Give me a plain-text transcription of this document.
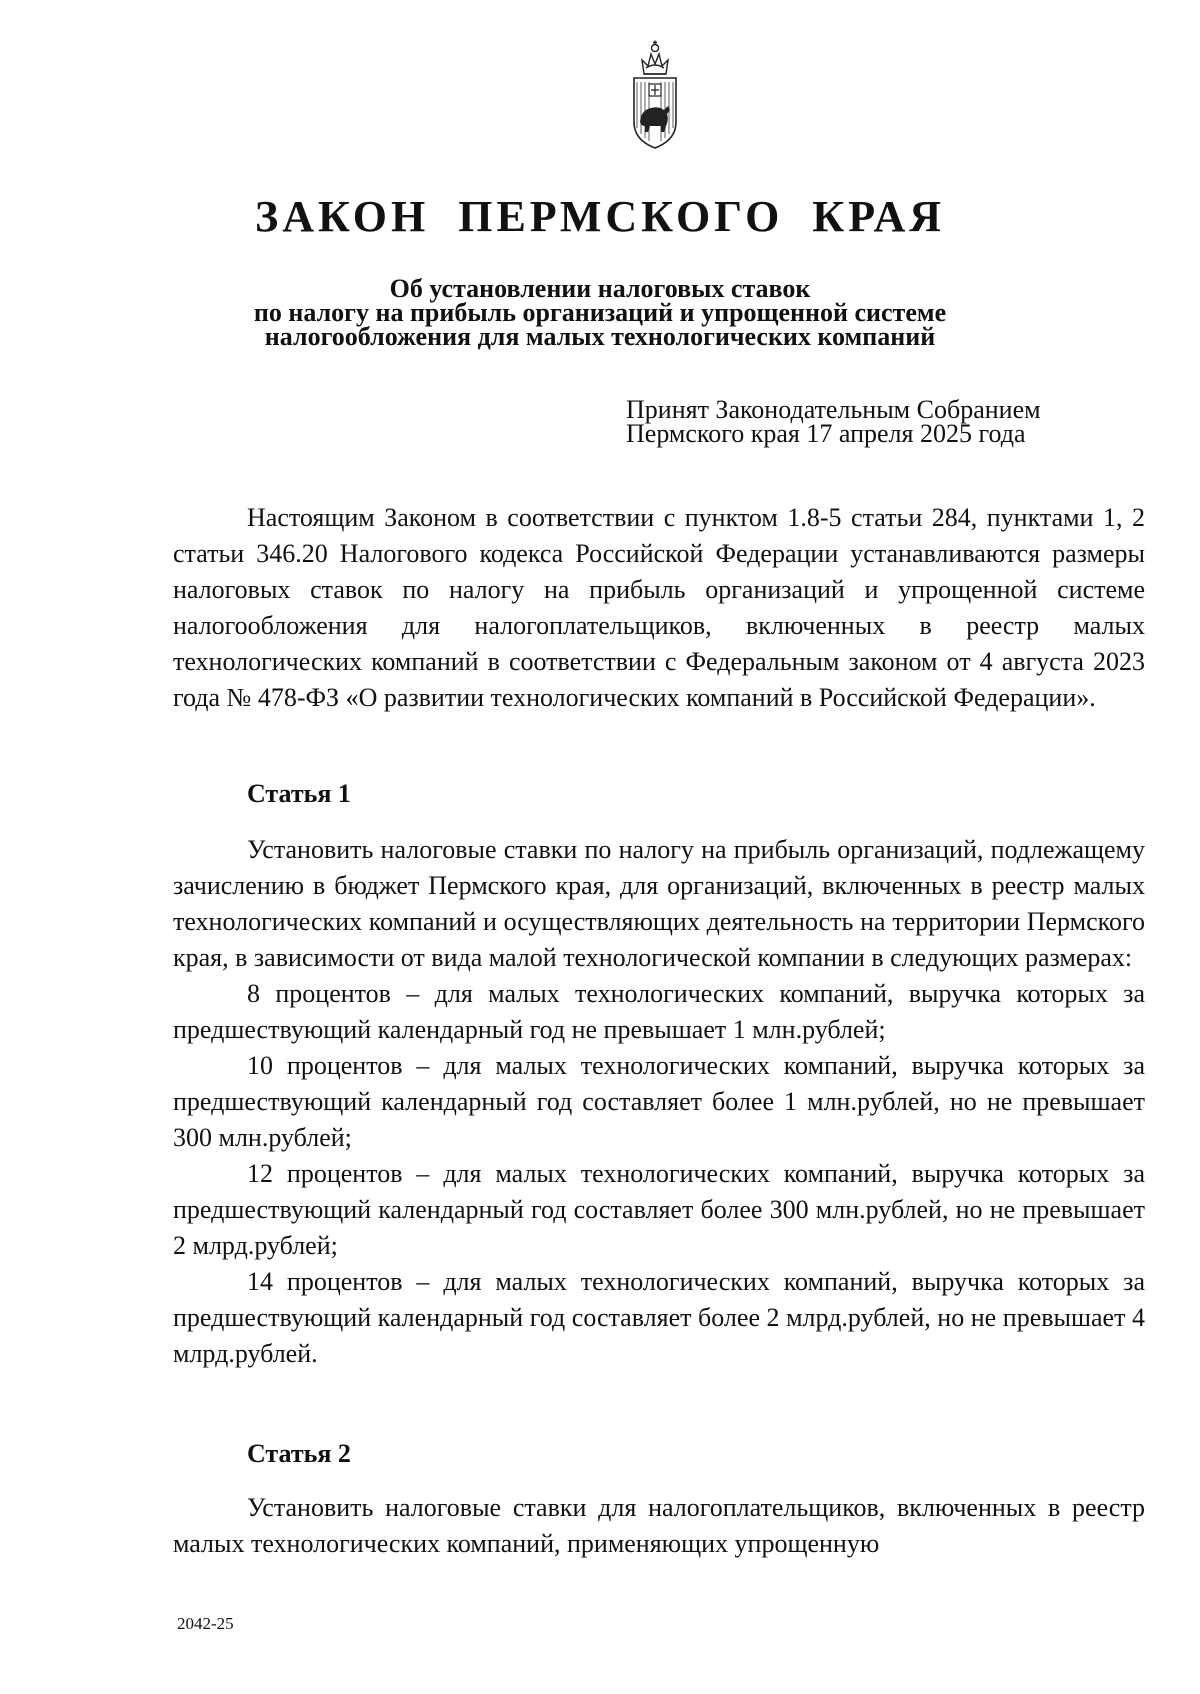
ЗАКОН ПЕРМСКОГО КРАЯ
Об установлении налоговых ставок
по налогу на прибыль организаций и упрощенной системе
налогообложения для малых технологических компаний
Принят Законодательным Собранием
Пермского края 17 апреля 2025 года

Настоящим Законом в соответствии с пунктом 1.8-5 статьи 284, пунктами 1, 2 статьи 346.20 Налогового кодекса Российской Федерации устанавливаются размеры налоговых ставок по налогу на прибыль организаций и упрощенной системе налогообложения для налогоплательщиков, включенных в реестр малых технологических компаний в соответствии с Федеральным законом от 4 августа 2023 года № 478-ФЗ «О развитии технологических компаний в Российской Федерации».

Статья 1

Установить налоговые ставки по налогу на прибыль организаций, подлежащему зачислению в бюджет Пермского края, для организаций, включенных в реестр малых технологических компаний и осуществляющих деятельность на территории Пермского края, в зависимости от вида малой технологической компании в следующих размерах:

8 процентов – для малых технологических компаний, выручка которых за предшествующий календарный год не превышает 1 млн.рублей;

10 процентов – для малых технологических компаний, выручка которых за предшествующий календарный год составляет более 1 млн.рублей, но не превышает 300 млн.рублей;

12 процентов – для малых технологических компаний, выручка которых за предшествующий календарный год составляет более 300 млн.рублей, но не превышает 2 млрд.рублей;

14 процентов – для малых технологических компаний, выручка которых за предшествующий календарный год составляет более 2 млрд.рублей, но не превышает 4 млрд.рублей.

Статья 2

Установить налоговые ставки для налогоплательщиков, включенных в реестр малых технологических компаний, применяющих упрощенную

2042-25
